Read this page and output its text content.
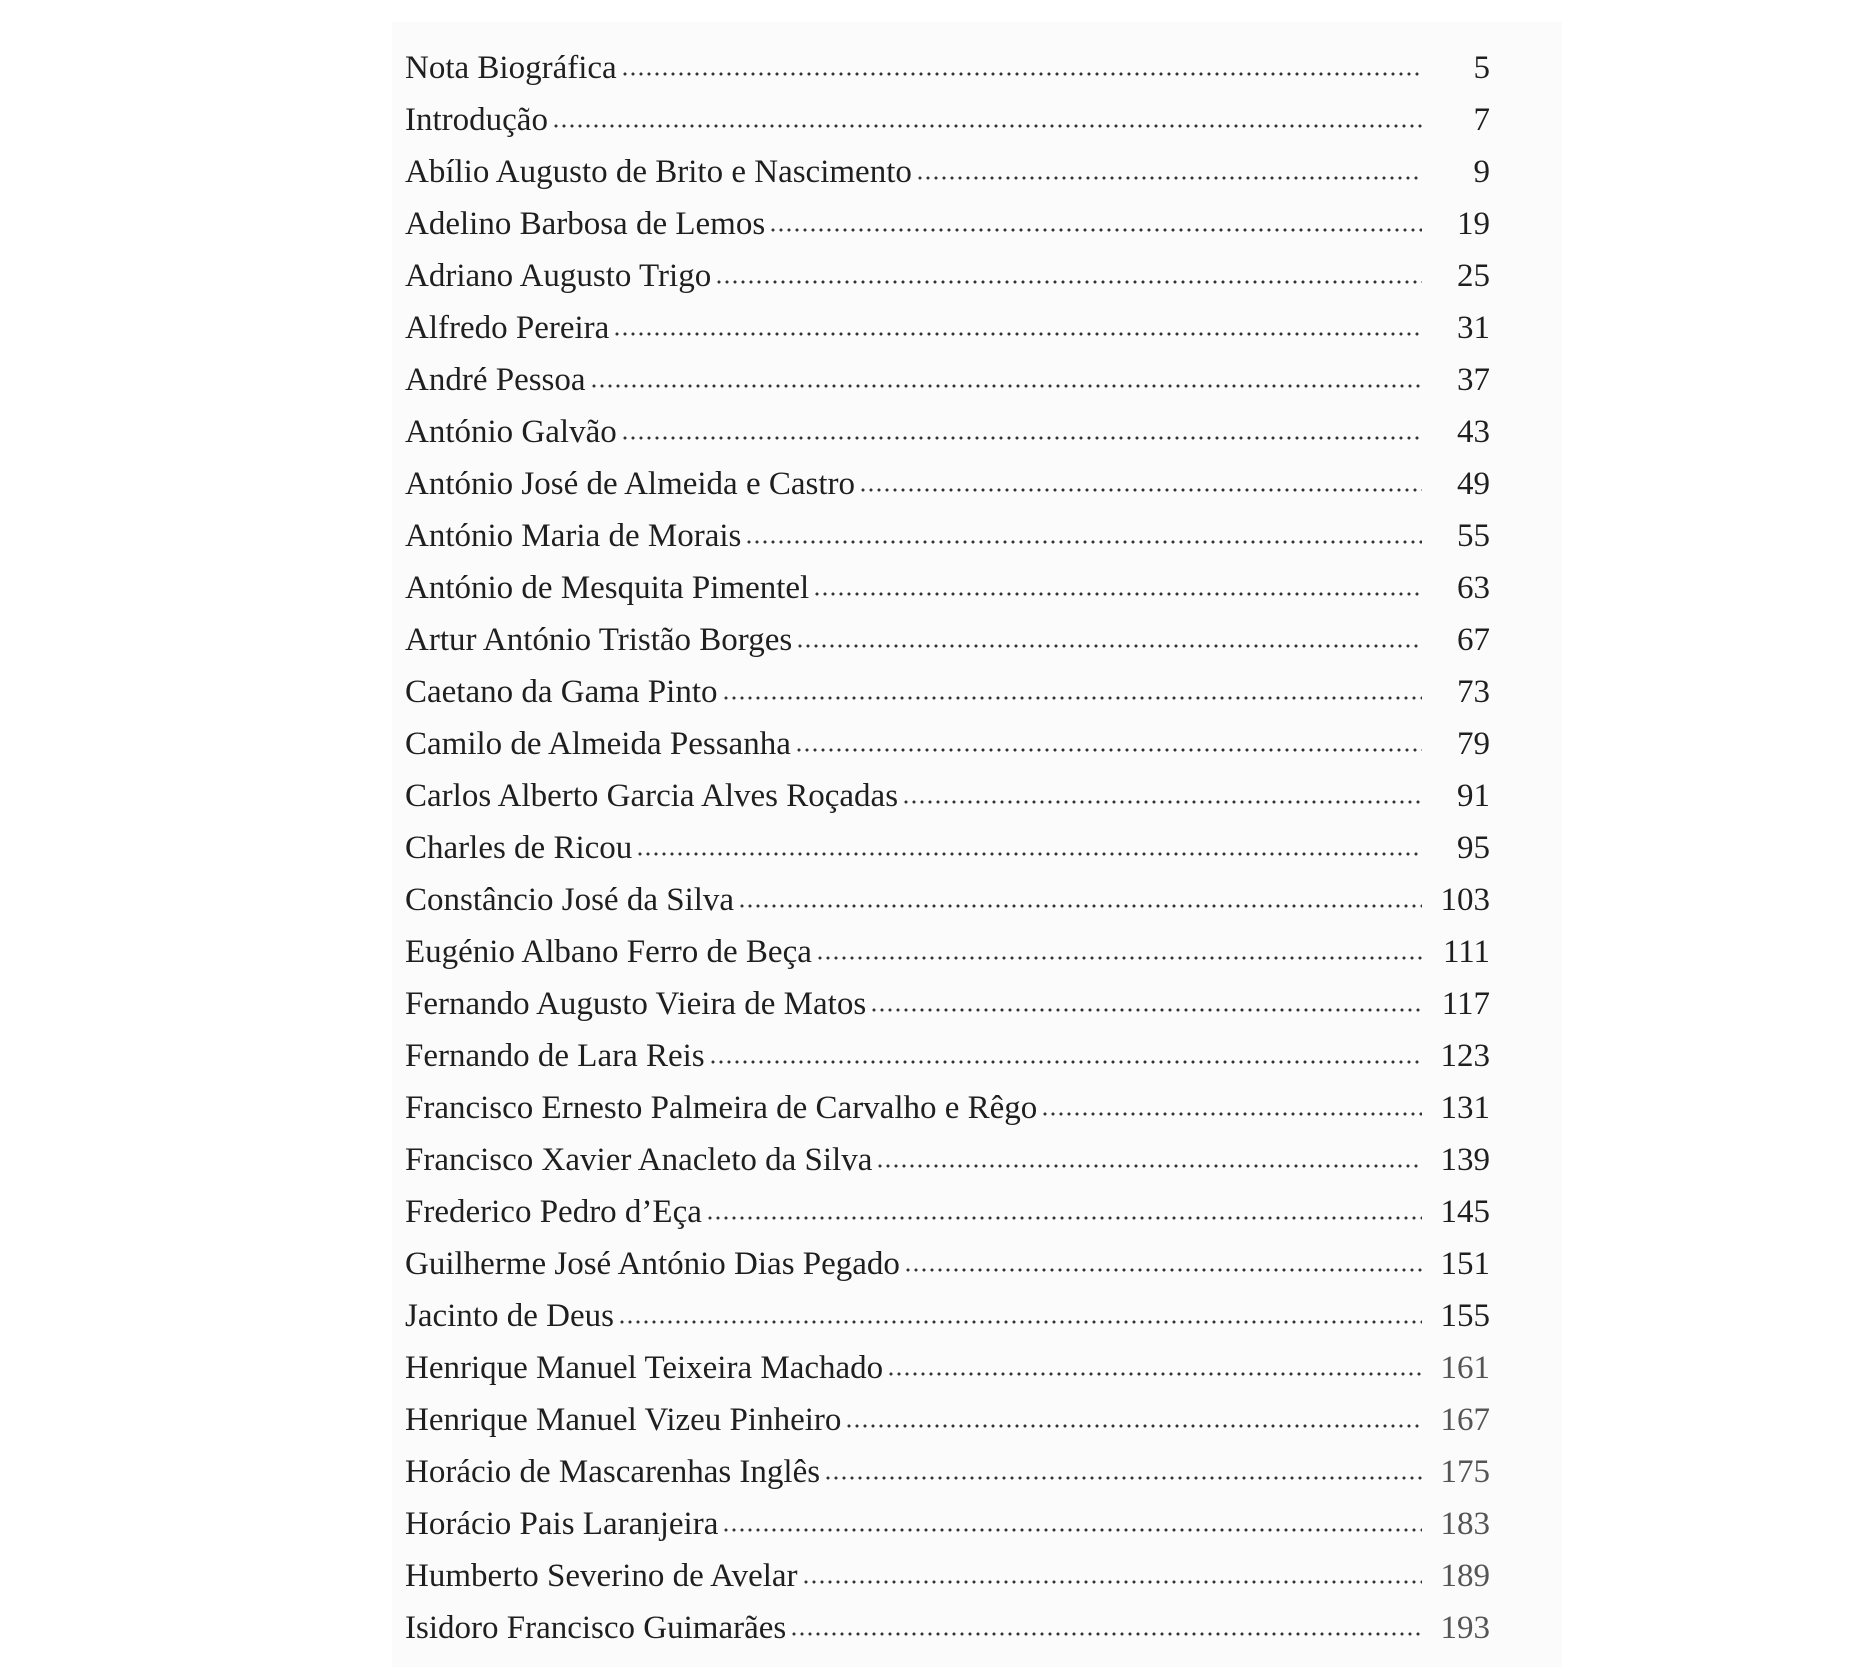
Nota Biográfica	5
Introdução	7
Abílio Augusto de Brito e Nascimento	9
Adelino Barbosa de Lemos	19
Adriano Augusto Trigo	25
Alfredo Pereira	31
André Pessoa	37
António Galvão	43
António José de Almeida e Castro	49
António Maria de Morais	55
António de Mesquita Pimentel	63
Artur António Tristão Borges	67
Caetano da Gama Pinto	73
Camilo de Almeida Pessanha	79
Carlos Alberto Garcia Alves Roçadas	91
Charles de Ricou	95
Constâncio José da Silva	103
Eugénio Albano Ferro de Beça	111
Fernando Augusto Vieira de Matos	117
Fernando de Lara Reis	123
Francisco Ernesto Palmeira de Carvalho e Rêgo	131
Francisco Xavier Anacleto da Silva	139
Frederico Pedro d’Eça	145
Guilherme José António Dias Pegado	151
Jacinto de Deus	155
Henrique Manuel Teixeira Machado	161
Henrique Manuel Vizeu Pinheiro	167
Horácio de Mascarenhas Inglês	175
Horácio Pais Laranjeira	183
Humberto Severino de Avelar	189
Isidoro Francisco Guimarães	193
